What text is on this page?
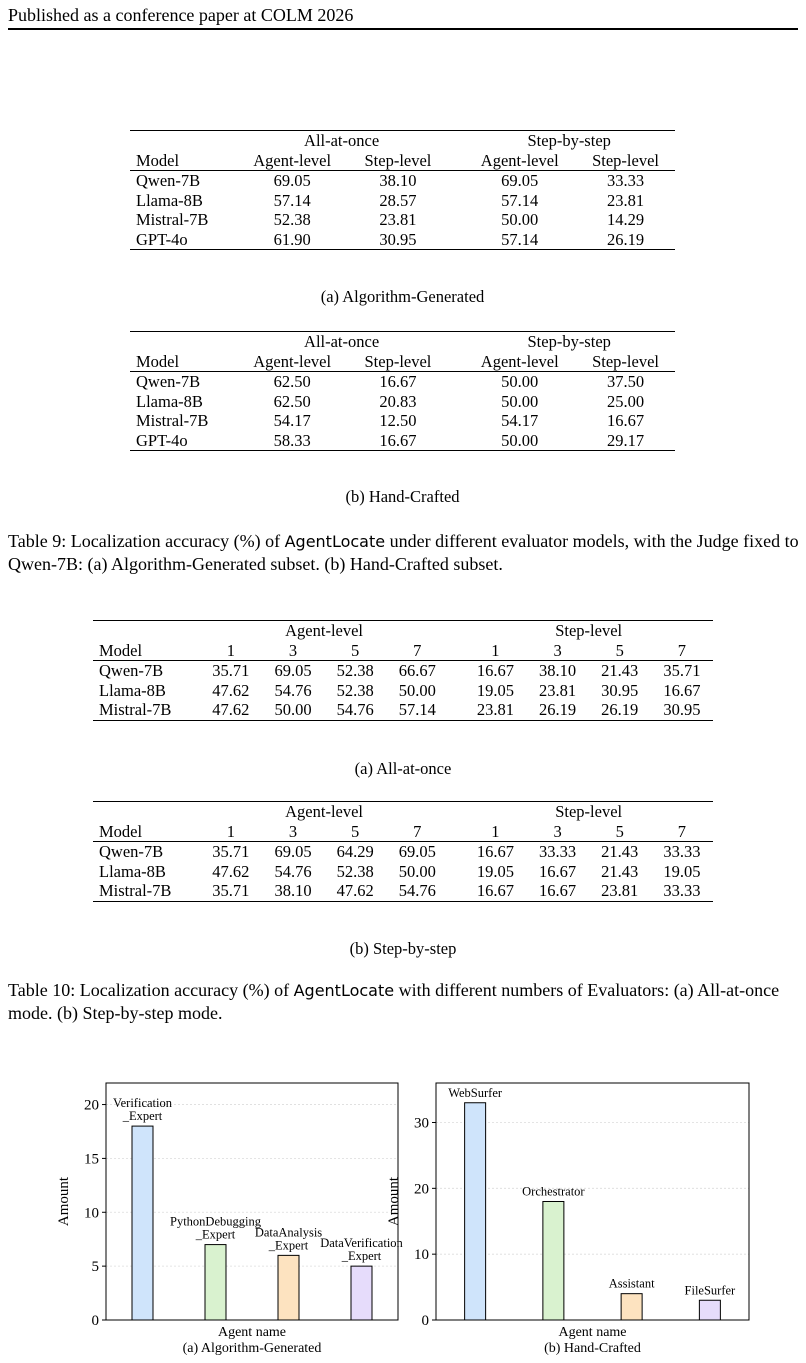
Published as a conference paper at COLM 2026
	All-at-once			Step-by-step	
Model	Agent-level	Step-level		Agent-level	Step-level
Qwen-7B	69.05	38.10		69.05	33.33
Llama-8B	57.14	28.57		57.14	23.81
Mistral-7B	52.38	23.81		50.00	14.29
GPT-4o	61.90	30.95		57.14	26.19
(a) Algorithm-Generated
	All-at-once			Step-by-step	
Model	Agent-level	Step-level		Agent-level	Step-level
Qwen-7B	62.50	16.67		50.00	37.50
Llama-8B	62.50	20.83		50.00	25.00
Mistral-7B	54.17	12.50		54.17	16.67
GPT-4o	58.33	16.67		50.00	29.17
(b) Hand-Crafted
Table 9: Localization accuracy (%) of AgentLocate under different evaluator models, with the Judge fixed to Qwen-7B: (a) Algorithm-Generated subset. (b) Hand-Crafted subset.
	Agent-level					Step-level			
Model	1	3	5	7		1	3	5	7
Qwen-7B	35.71	69.05	52.38	66.67		16.67	38.10	21.43	35.71
Llama-8B	47.62	54.76	52.38	50.00		19.05	23.81	30.95	16.67
Mistral-7B	47.62	50.00	54.76	57.14		23.81	26.19	26.19	30.95
(a) All-at-once
	Agent-level					Step-level			
Model	1	3	5	7		1	3	5	7
Qwen-7B	35.71	69.05	64.29	69.05		16.67	33.33	21.43	33.33
Llama-8B	47.62	54.76	52.38	50.00		19.05	16.67	21.43	19.05
Mistral-7B	35.71	38.10	47.62	54.76		16.67	16.67	23.81	33.33
(b) Step-by-step
Table 10: Localization accuracy (%) of AgentLocate with different numbers of Evaluators: (a) All-at-once mode. (b) Step-by-step mode.
Verification _Expert
PythonDebugging _Expert	DataAnalysis _Expert DataVerification _Expert
0
5
10
15
20
Amount
Agent name
(a) Algorithm-Generated
WebSurfer
Orchestrator
Assistant FileSurfer
0
10
20
30
Amount
Agent name
(b) Hand-Crafted
